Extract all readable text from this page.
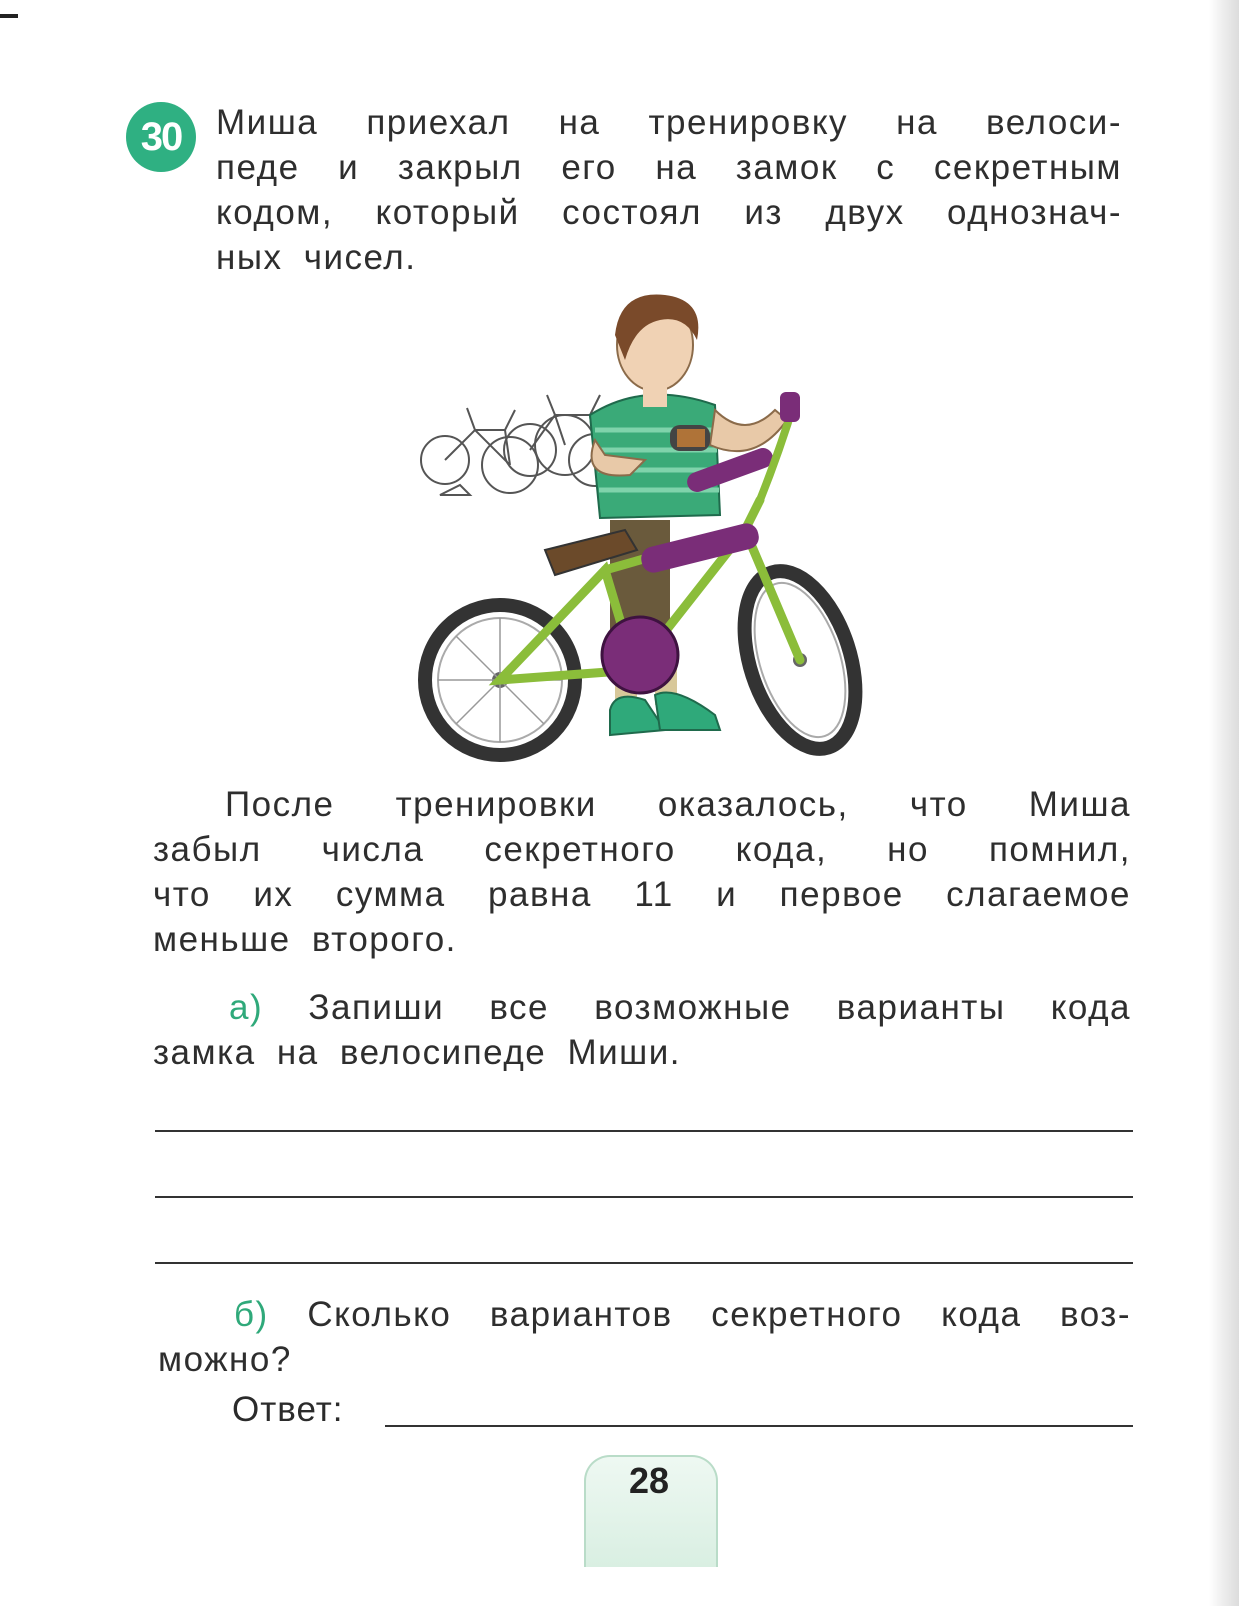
30 Миша приехал на тренировку на велоси-
педе и закрыл его на замок с секретным
кодом, который состоял из двух однознач-
ных чисел.
После тренировки оказалось, что Миша
забыл числа секретного кода, но помнил,
что их сумма равна 11 и первое слагаемое
меньше второго.
а) Запиши все возможные варианты кода
замка на велосипеде Миши.
б) Сколько вариантов секретного кода воз-
можно?
Ответ:
28
